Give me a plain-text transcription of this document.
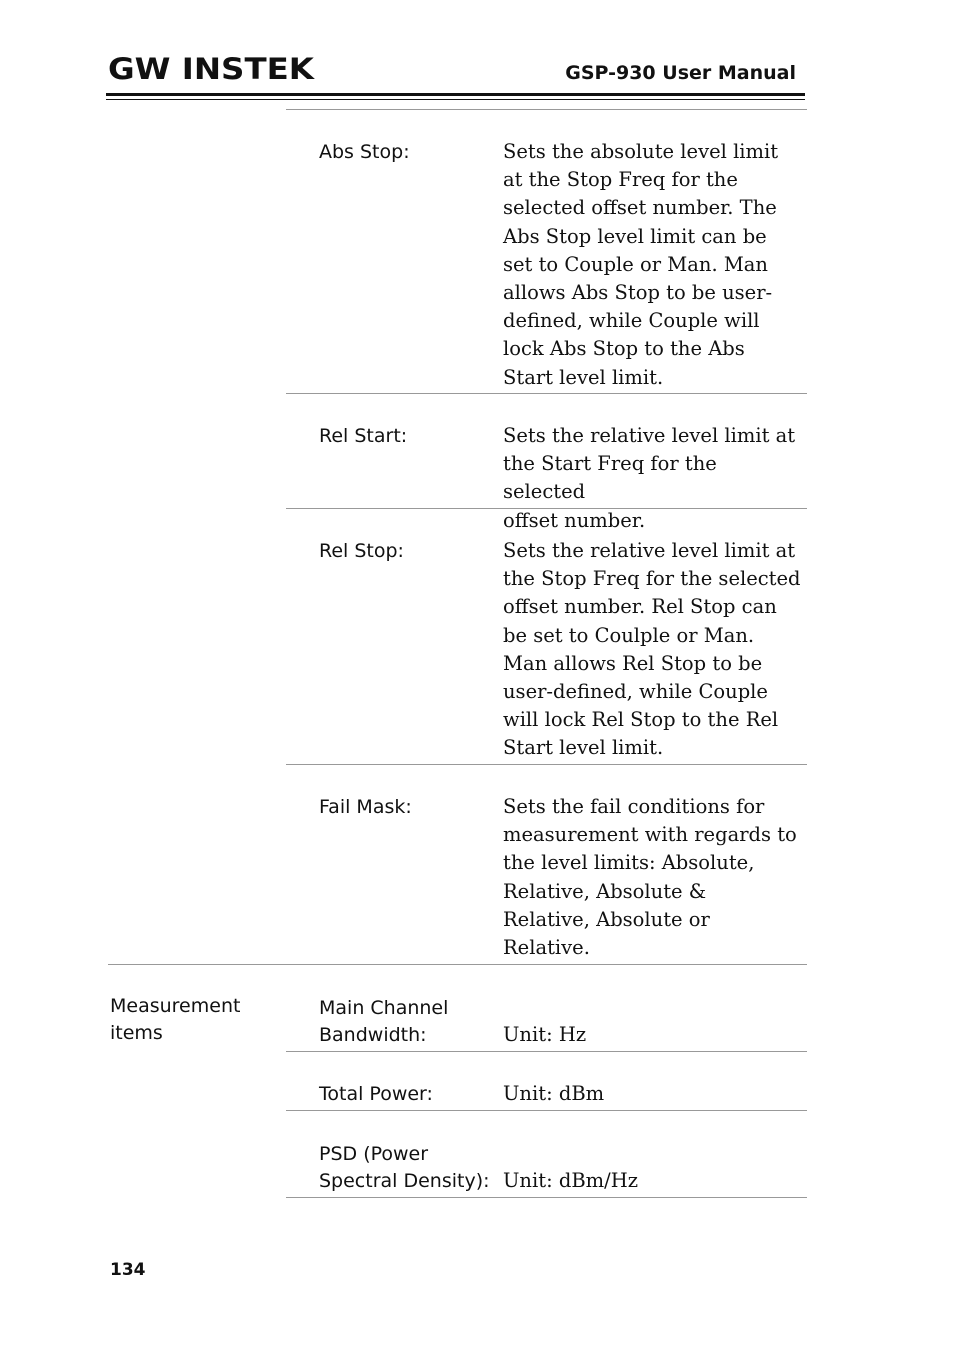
GW INSTEK	GSP-930 User Manual
Abs Stop:	Sets the absolute level limit
at the Stop Freq for the
selected offset number. The
Abs Stop level limit can be
set to Couple or Man. Man
allows Abs Stop to be user-
defined, while Couple will
lock Abs Stop to the Abs
Start level limit.
Rel Start:	Sets the relative level limit at
the Start Freq for the selected
offset number.
Rel Stop:	Sets the relative level limit at
the Stop Freq for the selected
offset number. Rel Stop can
be set to Coulple or Man.
Man allows Rel Stop to be
user-defined, while Couple
will lock Rel Stop to the Rel
Start level limit.
Fail Mask:	Sets the fail conditions for
measurement with regards to
the level limits: Absolute,
Relative, Absolute &
Relative, Absolute or
Relative.
Measurement
items
Main Channel
Bandwidth:	Unit: Hz
Total Power:	Unit: dBm
PSD (Power
Spectral Density): Unit: dBm/Hz
134
